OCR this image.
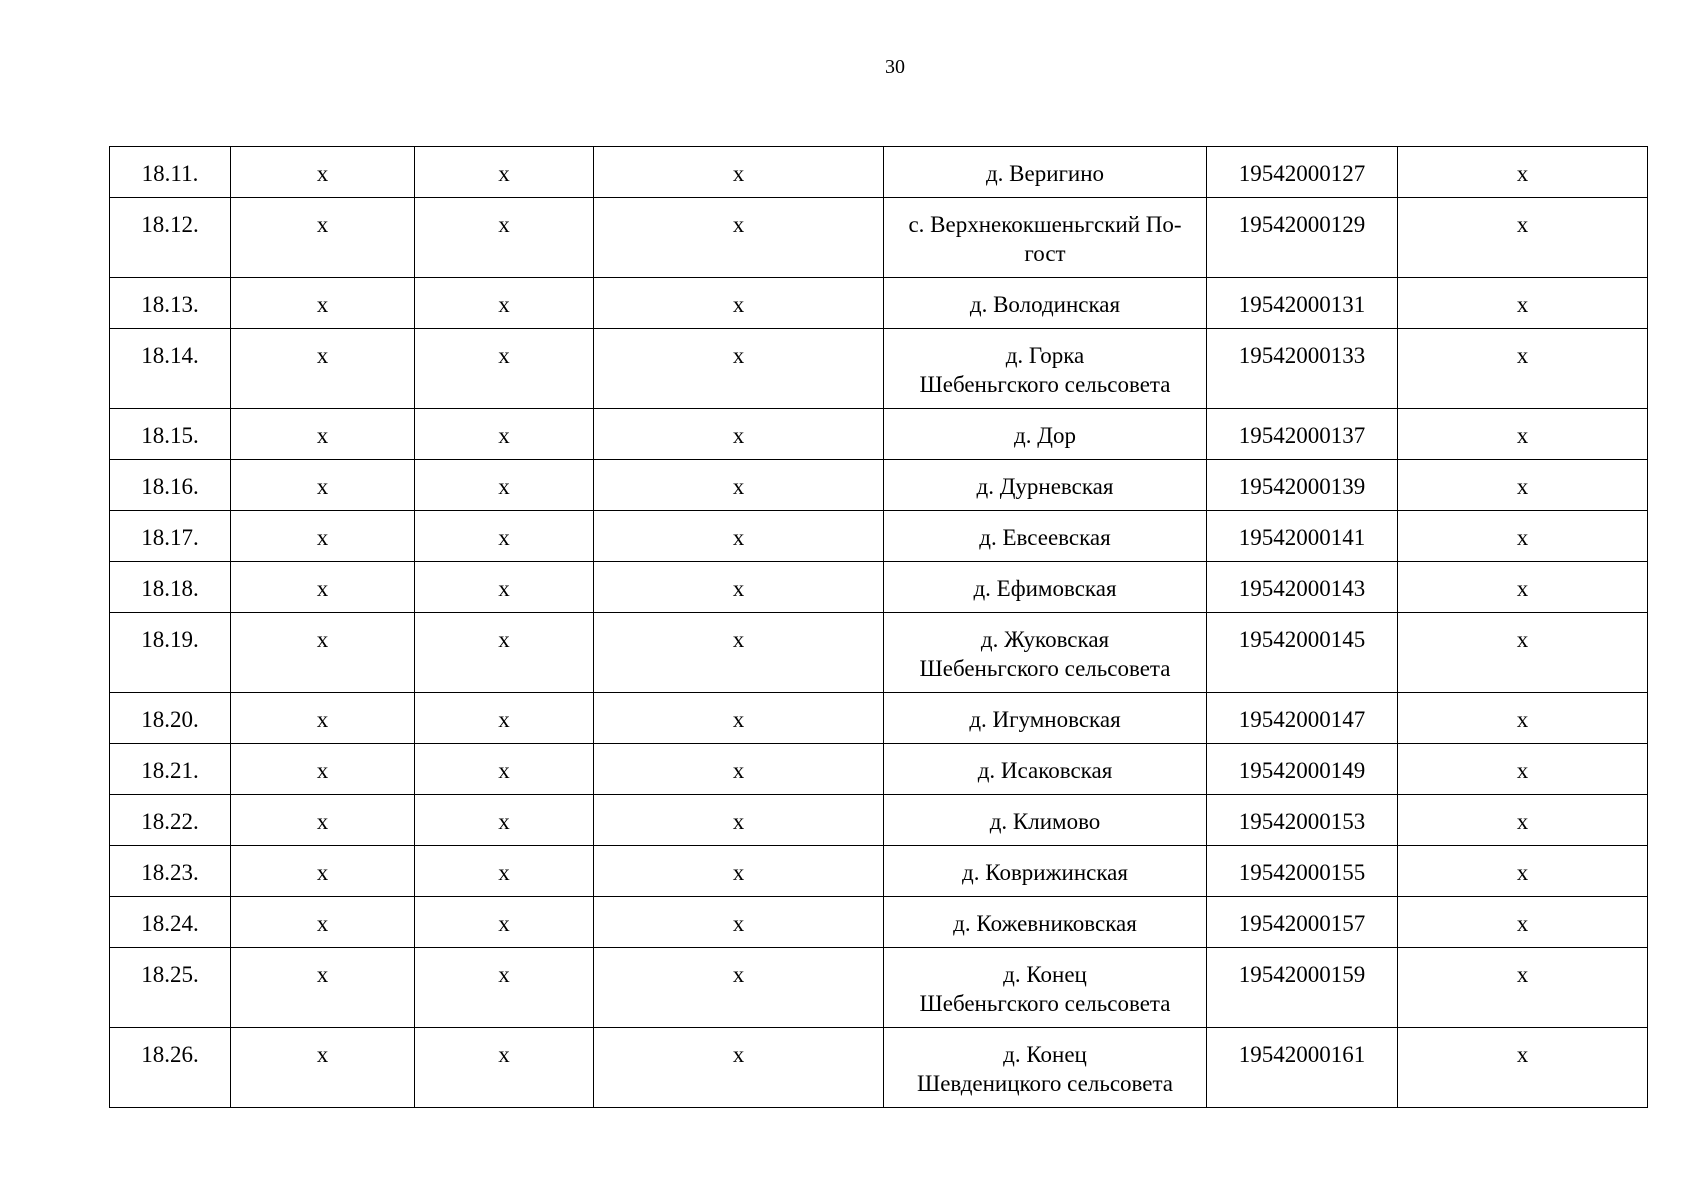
30
18.11.	x	x	x	д. Веригино	19542000127	x
18.12.	x	x	x	с. Верхнекокшеньгский По-
гост	19542000129	x
18.13.	x	x	x	д. Володинская	19542000131	x
18.14.	x	x	x	д. Горка
Шебеньгского сельсовета	19542000133	x
18.15.	x	x	x	д. Дор	19542000137	x
18.16.	x	x	x	д. Дурневская	19542000139	x
18.17.	x	x	x	д. Евсеевская	19542000141	x
18.18.	x	x	x	д. Ефимовская	19542000143	x
18.19.	x	x	x	д. Жуковская
Шебеньгского сельсовета	19542000145	x
18.20.	x	x	x	д. Игумновская	19542000147	x
18.21.	x	x	x	д. Исаковская	19542000149	x
18.22.	x	x	x	д. Климово	19542000153	x
18.23.	x	x	x	д. Коврижинская	19542000155	x
18.24.	x	x	x	д. Кожевниковская	19542000157	x
18.25.	x	x	x	д. Конец
Шебеньгского сельсовета	19542000159	x
18.26.	x	x	x	д. Конец
Шевденицкого сельсовета	19542000161	x
